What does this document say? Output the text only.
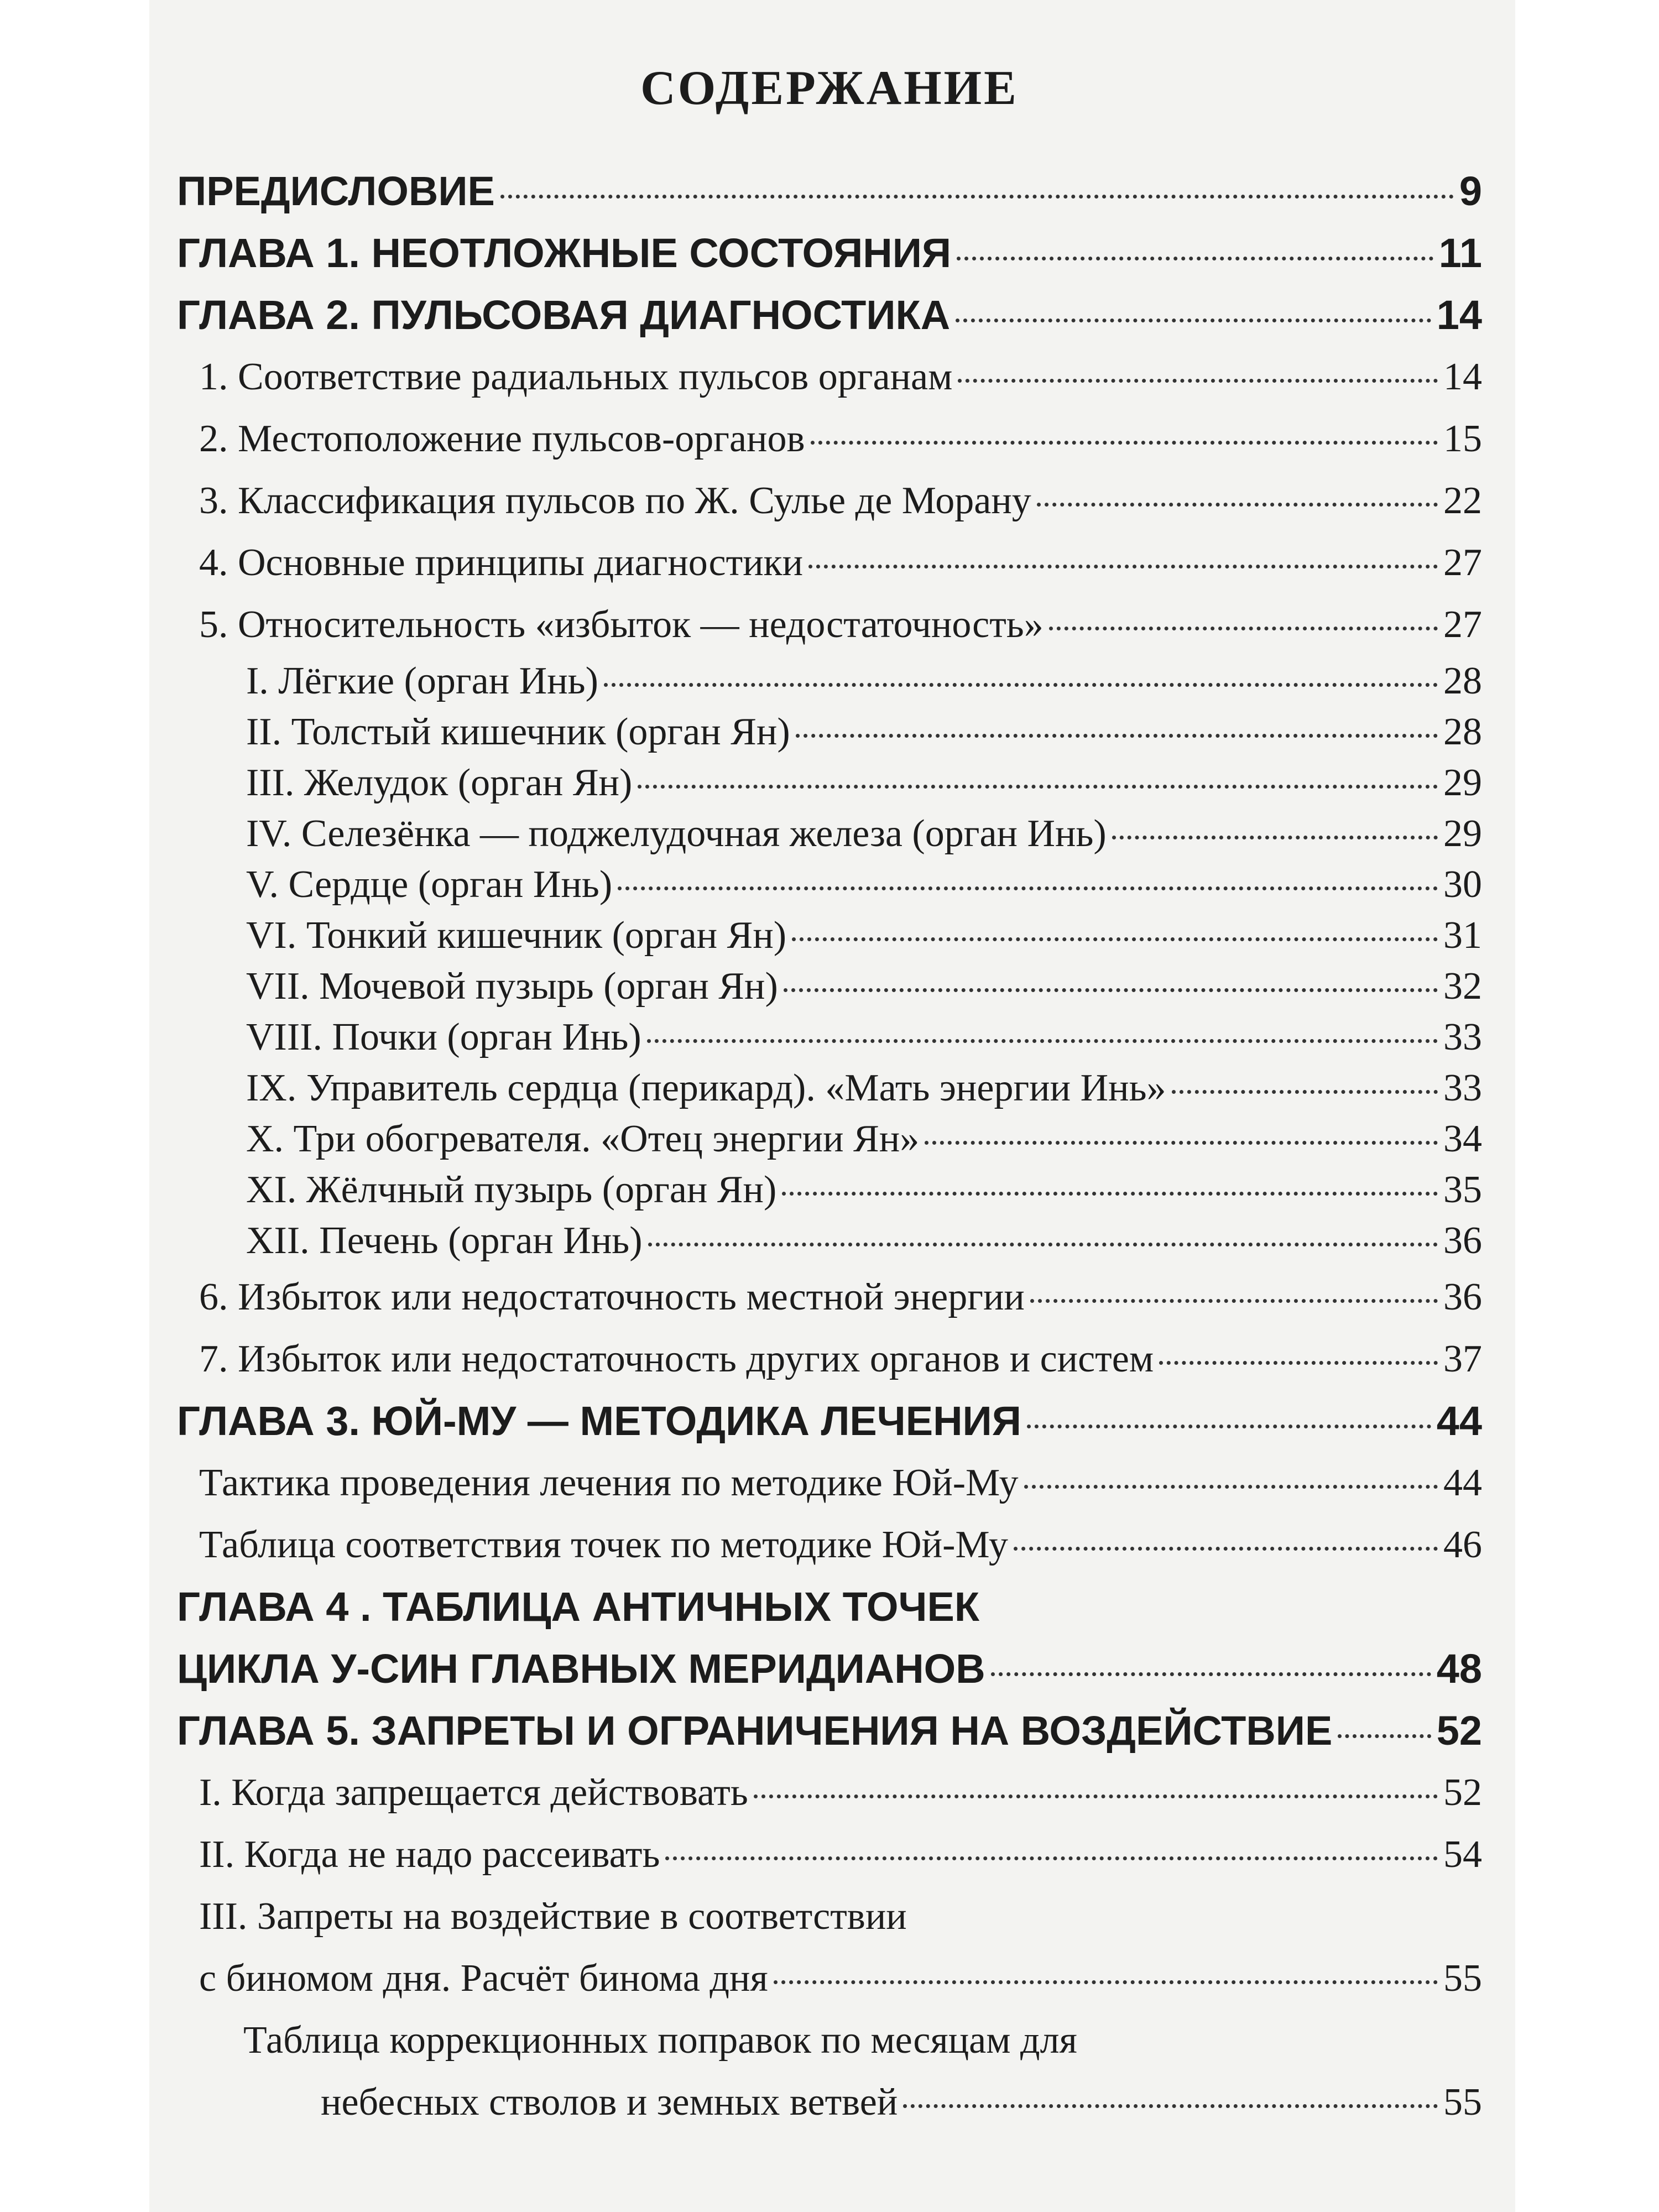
СОДЕРЖАНИЕ
ПРЕДИСЛОВИЕ	9
ГЛАВА 1. НЕОТЛОЖНЫЕ СОСТОЯНИЯ	11
ГЛАВА 2. ПУЛЬСОВАЯ ДИАГНОСТИКА	14
1. Соответствие радиальных пульсов органам	14
2. Местоположение пульсов-органов	15
3. Классификация пульсов по Ж. Сулье де Морану	22
4. Основные принципы диагностики	27
5. Относительность «избыток — недостаточность»	27
I. Лёгкие (орган Инь)	28
II. Толстый кишечник (орган Ян)	28
III. Желудок (орган Ян)	29
IV. Селезёнка — поджелудочная железа (орган Инь)	29
V. Сердце (орган Инь)	30
VI. Тонкий кишечник (орган Ян)	31
VII. Мочевой пузырь (орган Ян)	32
VIII. Почки (орган Инь)	33
IX. Управитель сердца (перикард). «Мать энергии Инь»	33
X. Три обогревателя. «Отец энергии Ян»	34
XI. Жёлчный пузырь (орган Ян)	35
XII. Печень (орган Инь)	36
6. Избыток или недостаточность местной энергии	36
7. Избыток или недостаточность других органов и систем	37
ГЛАВА 3. ЮЙ-МУ — МЕТОДИКА ЛЕЧЕНИЯ	44
Тактика проведения лечения по методике Юй-Му	44
Таблица соответствия точек по методике Юй-Му	46
ГЛАВА 4 . ТАБЛИЦА АНТИЧНЫХ ТОЧЕК
ЦИКЛА У-СИН ГЛАВНЫХ МЕРИДИАНОВ	48
ГЛАВА 5. ЗАПРЕТЫ И ОГРАНИЧЕНИЯ НА ВОЗДЕЙСТВИЕ	52
I. Когда запрещается действовать	52
II. Когда не надо рассеивать	54
III. Запреты на воздействие в соответствии
с биномом дня. Расчёт бинома дня	55
Таблица коррекционных поправок по месяцам для
небесных стволов и земных ветвей	55
